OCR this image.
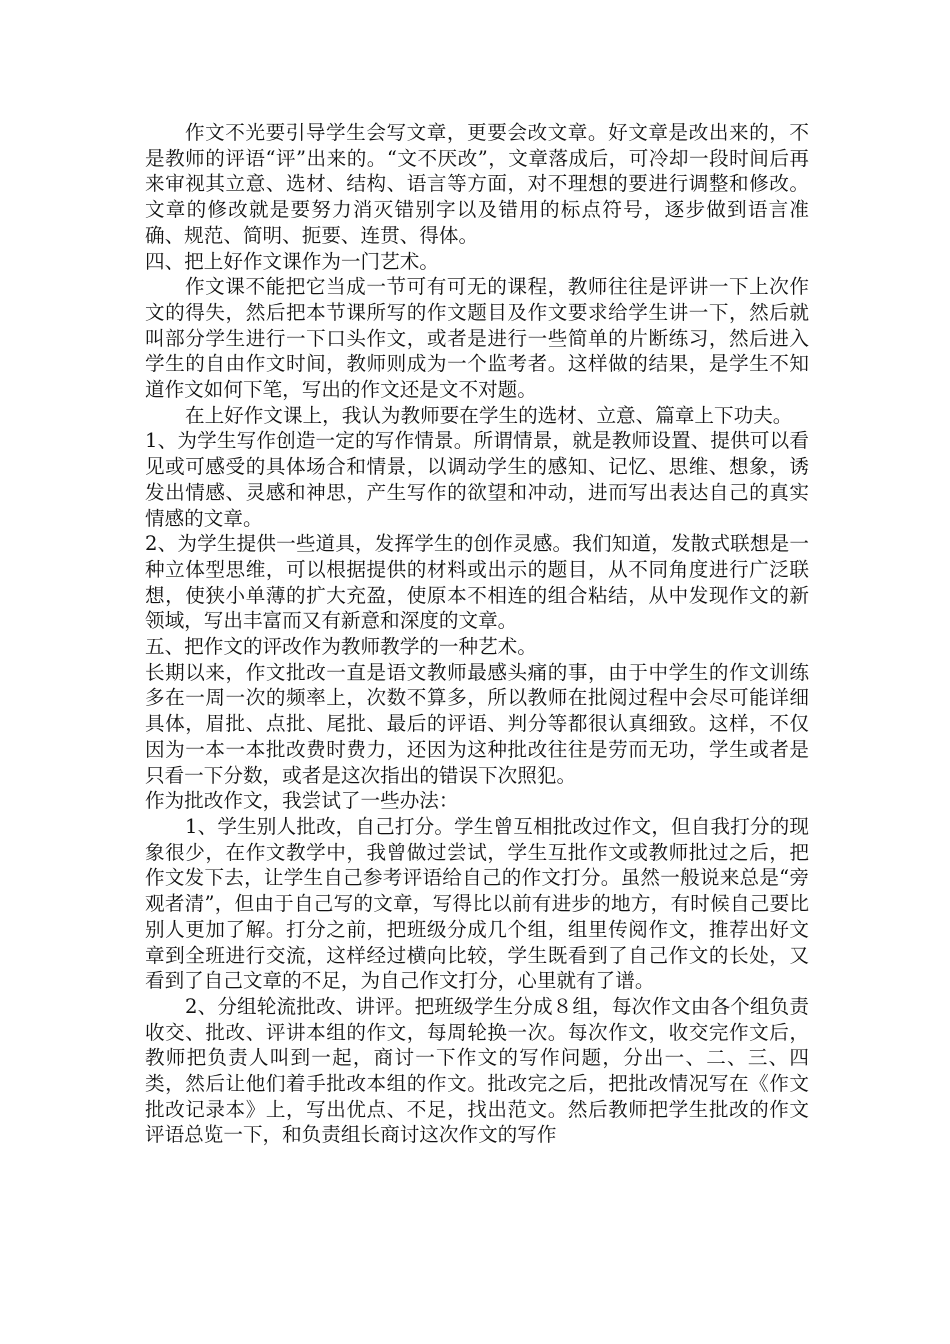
作文不光要引导学生会写文章，更要会改文章。好文章是改出来的，不是教师的评语“评”出来的。“文不厌改”，文章落成后，可冷却一段时间后再来审视其立意、选材、结构、语言等方面，对不理想的要进行调整和修改。文章的修改就是要努力消灭错别字以及错用的标点符号，逐步做到语言准确、规范、简明、扼要、连贯、得体。

四、把上好作文课作为一门艺术。

作文课不能把它当成一节可有可无的课程，教师往往是评讲一下上次作文的得失，然后把本节课所写的作文题目及作文要求给学生讲一下，然后就叫部分学生进行一下口头作文，或者是进行一些简单的片断练习，然后进入学生的自由作文时间，教师则成为一个监考者。这样做的结果，是学生不知道作文如何下笔，写出的作文还是文不对题。

在上好作文课上，我认为教师要在学生的选材、立意、篇章上下功夫。

1、为学生写作创造一定的写作情景。所谓情景，就是教师设置、提供可以看见或可感受的具体场合和情景，以调动学生的感知、记忆、思维、想象，诱发出情感、灵感和神思，产生写作的欲望和冲动，进而写出表达自己的真实情感的文章。

2、为学生提供一些道具，发挥学生的创作灵感。我们知道，发散式联想是一种立体型思维，可以根据提供的材料或出示的题目，从不同角度进行广泛联想，使狭小单薄的扩大充盈，使原本不相连的组合粘结，从中发现作文的新领域，写出丰富而又有新意和深度的文章。

五、把作文的评改作为教师教学的一种艺术。

长期以来，作文批改一直是语文教师最感头痛的事，由于中学生的作文训练多在一周一次的频率上，次数不算多，所以教师在批阅过程中会尽可能详细具体，眉批、点批、尾批、最后的评语、判分等都很认真细致。这样，不仅因为一本一本批改费时费力，还因为这种批改往往是劳而无功，学生或者是只看一下分数，或者是这次指出的错误下次照犯。

作为批改作文，我尝试了一些办法：

1、学生别人批改，自己打分。学生曾互相批改过作文，但自我打分的现象很少，在作文教学中，我曾做过尝试，学生互批作文或教师批过之后，把作文发下去，让学生自己参考评语给自己的作文打分。虽然一般说来总是“旁观者清”，但由于自己写的文章，写得比以前有进步的地方，有时候自己要比别人更加了解。打分之前，把班级分成几个组，组里传阅作文，推荐出好文章到全班进行交流，这样经过横向比较，学生既看到了自己作文的长处，又看到了自己文章的不足，为自己作文打分，心里就有了谱。

2、分组轮流批改、讲评。把班级学生分成８组，每次作文由各个组负责收交、批改、评讲本组的作文，每周轮换一次。每次作文，收交完作文后，教师把负责人叫到一起，商讨一下作文的写作问题，分出一、二、三、四类，然后让他们着手批改本组的作文。批改完之后，把批改情况写在《作文批改记录本》上，写出优点、不足，找出范文。然后教师把学生批改的作文评语总览一下，和负责组长商讨这次作文的写作
